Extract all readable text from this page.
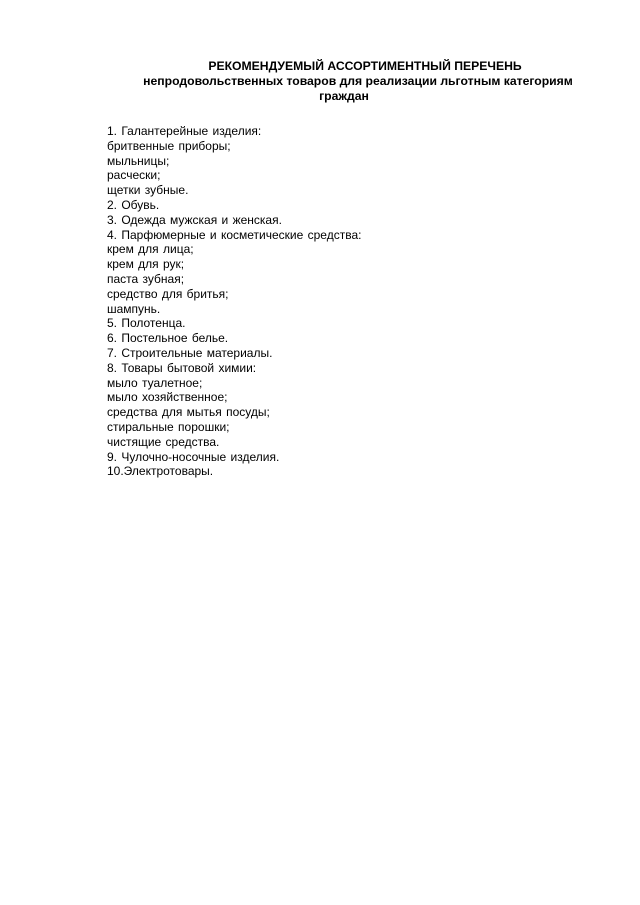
РЕКОМЕНДУЕМЫЙ АССОРТИМЕНТНЫЙ ПЕРЕЧЕНЬ
непродовольственных товаров для реализации льготным категориям
граждан
1. Галантерейные изделия:
бритвенные приборы;
мыльницы;
расчески;
щетки зубные.
2. Обувь.
3. Одежда мужская и женская.
4. Парфюмерные и косметические средства:
крем для лица;
крем для рук;
паста зубная;
средство для бритья;
шампунь.
5. Полотенца.
6. Постельное белье.
7. Строительные материалы.
8. Товары бытовой химии:
мыло туалетное;
мыло хозяйственное;
средства для мытья посуды;
стиральные порошки;
чистящие средства.
9. Чулочно-носочные изделия.
10.Электротовары.
